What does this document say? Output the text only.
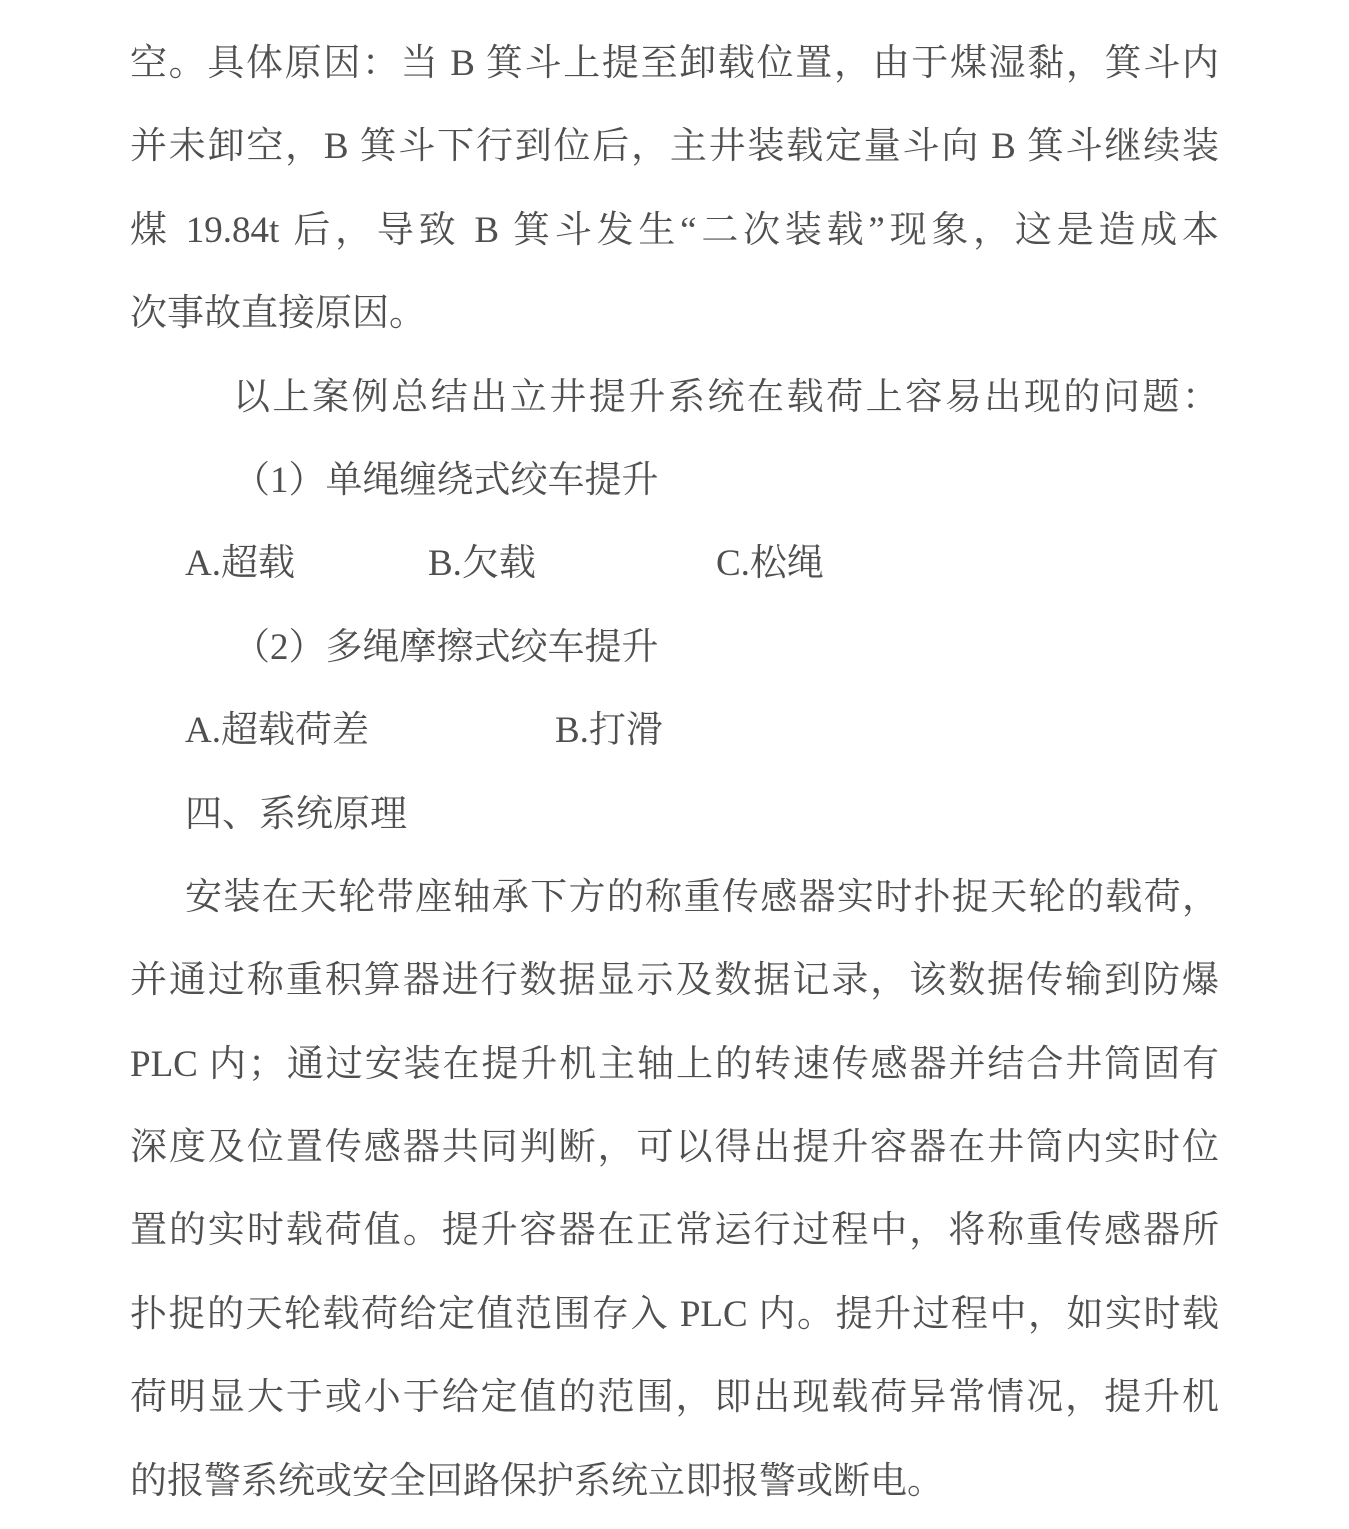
空。具体原因：当 B 箕斗上提至卸载位置，由于煤湿黏，箕斗内
并未卸空，B 箕斗下行到位后，主井装载定量斗向 B 箕斗继续装
煤 19.84t 后，导致 B 箕斗发生“二次装载”现象，这是造成本
次事故直接原因。
以上案例总结出立井提升系统在载荷上容易出现的问题：
（1）单绳缠绕式绞车提升
A.超载	B.欠载	C.松绳
（2）多绳摩擦式绞车提升
A.超载荷差	B.打滑
四、系统原理
安装在天轮带座轴承下方的称重传感器实时扑捉天轮的载荷，
并通过称重积算器进行数据显示及数据记录，该数据传输到防爆
PLC 内；通过安装在提升机主轴上的转速传感器并结合井筒固有
深度及位置传感器共同判断，可以得出提升容器在井筒内实时位
置的实时载荷值。提升容器在正常运行过程中，将称重传感器所
扑捉的天轮载荷给定值范围存入 PLC 内。提升过程中，如实时载
荷明显大于或小于给定值的范围，即出现载荷异常情况，提升机
的报警系统或安全回路保护系统立即报警或断电。
